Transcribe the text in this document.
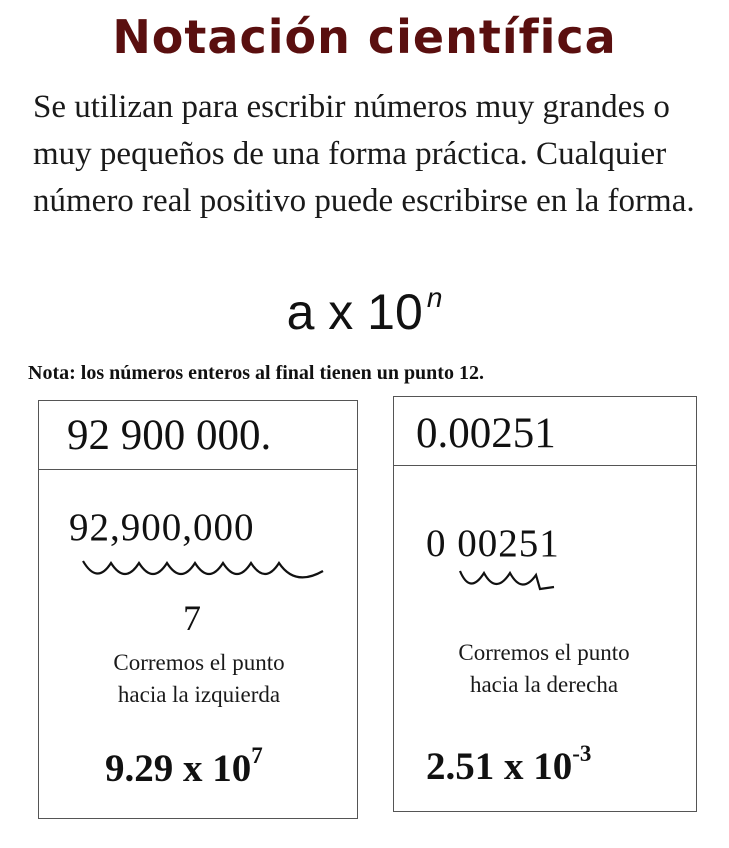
Notación científica
Se utilizan para escribir números muy grandes o muy pequeños de una forma práctica. Cualquier número real positivo puede escribirse en la forma.
a x 10 $^n$
Nota: los números enteros al final tienen un punto 12.
92 900 000.
92,900,000
7
Corremos el punto
hacia la izquierda
9.29 x $10^7$
0.00251
0 00251
Corremos el punto
hacia la derecha
2.51 x $10^{-3}$
